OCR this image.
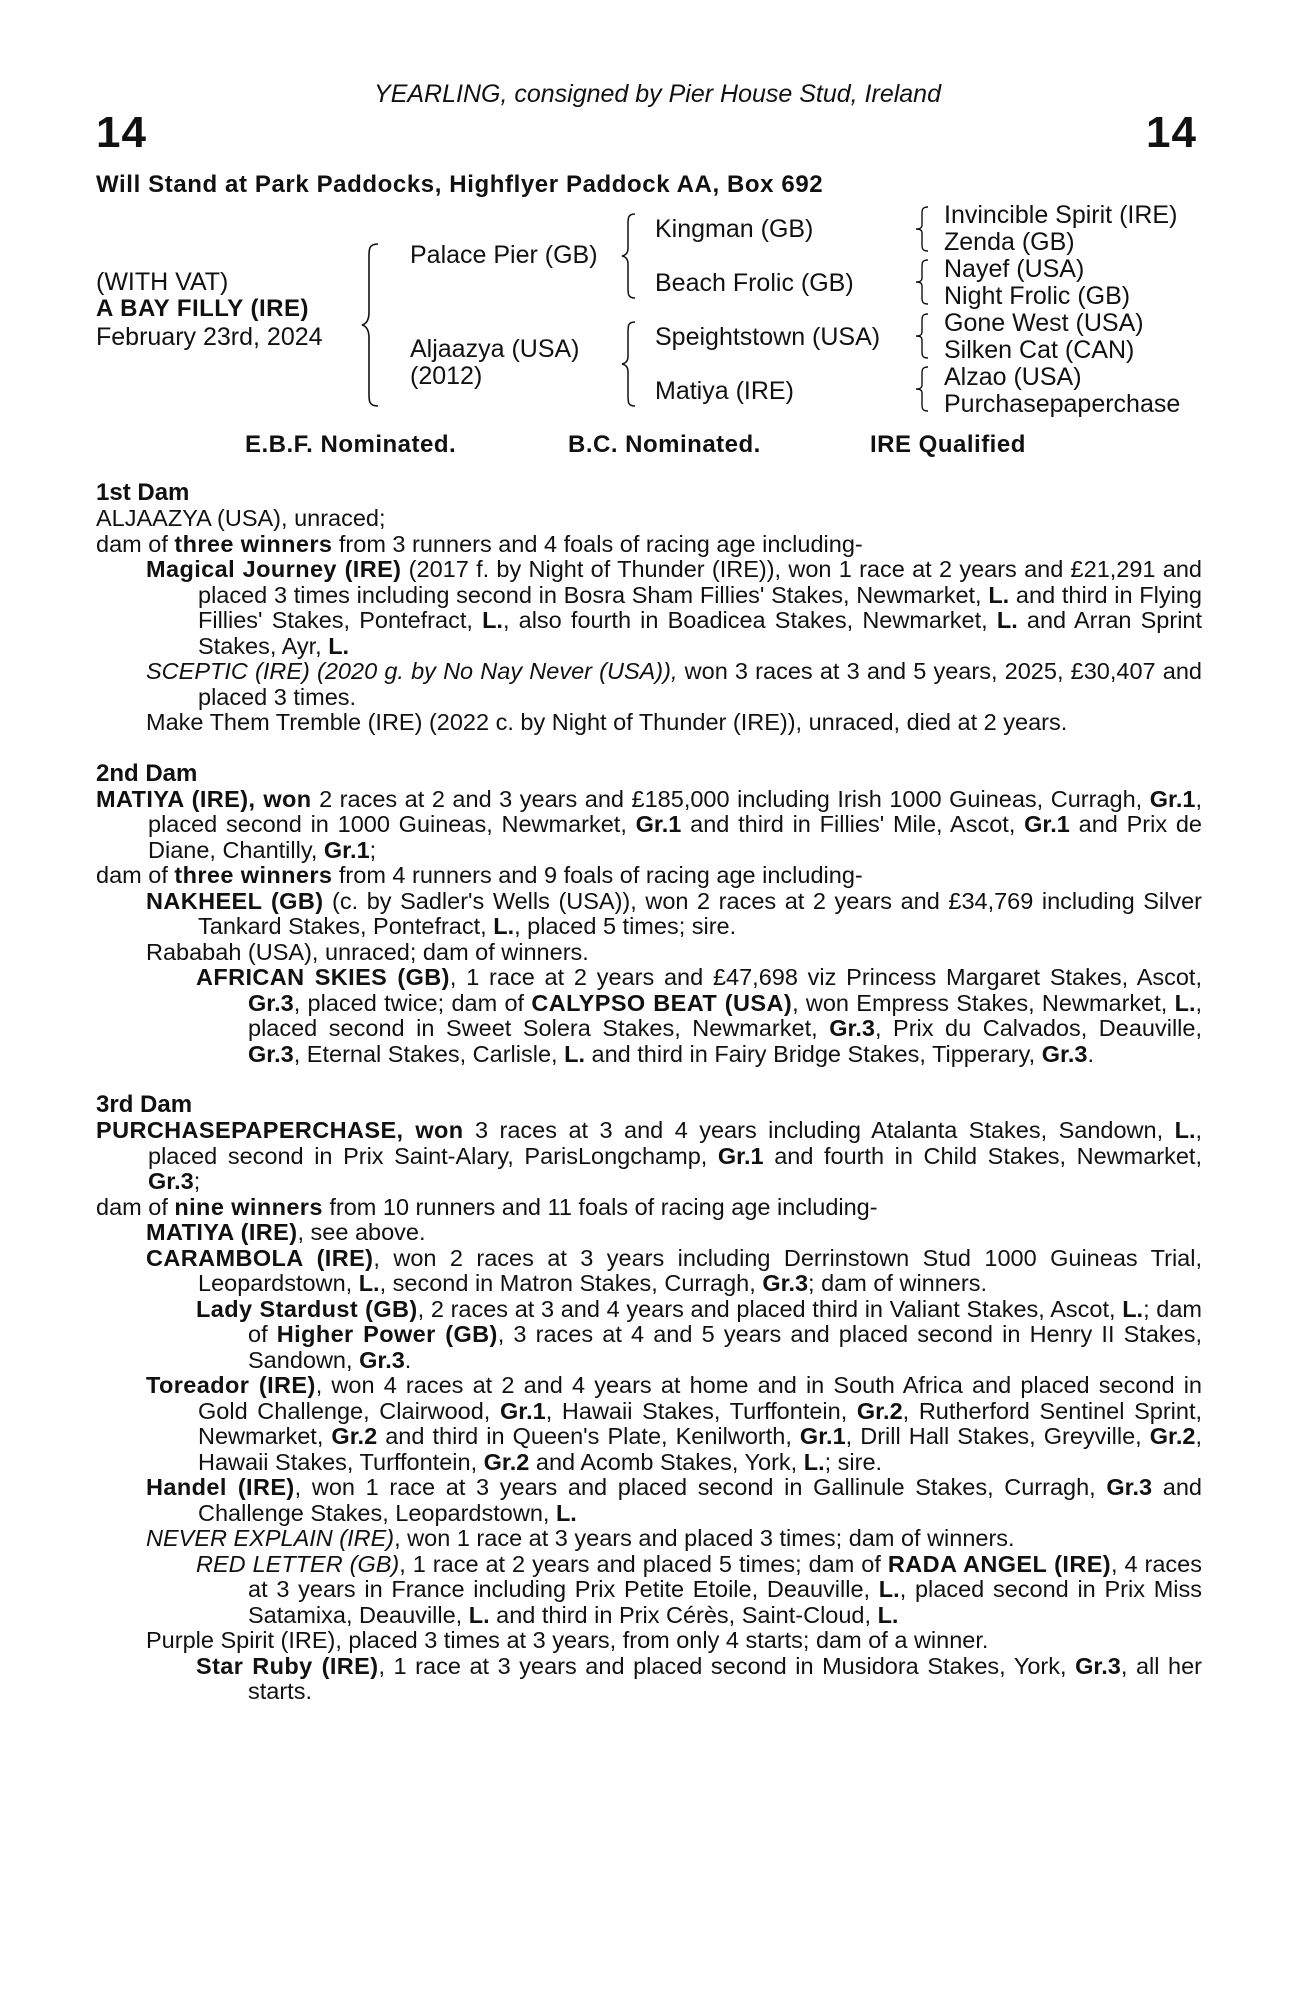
YEARLING, consigned by Pier House Stud, Ireland
14	14
Will Stand at Park Paddocks, Highflyer Paddock AA, Box 692
(WITH VAT)
A BAY FILLY (IRE)
February 23rd, 2024
Palace Pier (GB)
Aljaazya (USA)
(2012)
Kingman (GB)
Beach Frolic (GB)
Speightstown (USA)
Matiya (IRE)
Invincible Spirit (IRE)
Zenda (GB)
Nayef (USA)
Night Frolic (GB)
Gone West (USA)
Silken Cat (CAN)
Alzao (USA)
Purchasepaperchase
E.B.F. Nominated.	B.C. Nominated.	IRE Qualified
1st Dam

ALJAAZYA (USA), unraced;

dam of three winners from 3 runners and 4 foals of racing age including-

Magical Journey (IRE) (2017 f. by Night of Thunder (IRE)), won 1 race at 2 years and £21,291 and placed 3 times including second in Bosra Sham Fillies' Stakes, Newmarket, L. and third in Flying Fillies' Stakes, Pontefract, L., also fourth in Boadicea Stakes, Newmarket, L. and Arran Sprint Stakes, Ayr, L.

SCEPTIC (IRE) (2020 g. by No Nay Never (USA)), won 3 races at 3 and 5 years, 2025, £30,407 and placed 3 times.

Make Them Tremble (IRE) (2022 c. by Night of Thunder (IRE)), unraced, died at 2 years.

2nd Dam

MATIYA (IRE), won 2 races at 2 and 3 years and £185,000 including Irish 1000 Guineas, Curragh, Gr.1, placed second in 1000 Guineas, Newmarket, Gr.1 and third in Fillies' Mile, Ascot, Gr.1 and Prix de Diane, Chantilly, Gr.1;

dam of three winners from 4 runners and 9 foals of racing age including-

NAKHEEL (GB) (c. by Sadler's Wells (USA)), won 2 races at 2 years and £34,769 including Silver Tankard Stakes, Pontefract, L., placed 5 times; sire.

Rababah (USA), unraced; dam of winners.

AFRICAN SKIES (GB), 1 race at 2 years and £47,698 viz Princess Margaret Stakes, Ascot, Gr.3, placed twice; dam of CALYPSO BEAT (USA), won Empress Stakes, Newmarket, L., placed second in Sweet Solera Stakes, Newmarket, Gr.3, Prix du Calvados, Deauville, Gr.3, Eternal Stakes, Carlisle, L. and third in Fairy Bridge Stakes, Tipperary, Gr.3.

3rd Dam

PURCHASEPAPERCHASE, won 3 races at 3 and 4 years including Atalanta Stakes, Sandown, L., placed second in Prix Saint-Alary, ParisLongchamp, Gr.1 and fourth in Child Stakes, Newmarket, Gr.3;

dam of nine winners from 10 runners and 11 foals of racing age including-

MATIYA (IRE), see above.

CARAMBOLA (IRE), won 2 races at 3 years including Derrinstown Stud 1000 Guineas Trial, Leopardstown, L., second in Matron Stakes, Curragh, Gr.3; dam of winners.

Lady Stardust (GB), 2 races at 3 and 4 years and placed third in Valiant Stakes, Ascot, L.; dam of Higher Power (GB), 3 races at 4 and 5 years and placed second in Henry II Stakes, Sandown, Gr.3.

Toreador (IRE), won 4 races at 2 and 4 years at home and in South Africa and placed second in Gold Challenge, Clairwood, Gr.1, Hawaii Stakes, Turffontein, Gr.2, Rutherford Sentinel Sprint, Newmarket, Gr.2 and third in Queen's Plate, Kenilworth, Gr.1, Drill Hall Stakes, Greyville, Gr.2, Hawaii Stakes, Turffontein, Gr.2 and Acomb Stakes, York, L.; sire.

Handel (IRE), won 1 race at 3 years and placed second in Gallinule Stakes, Curragh, Gr.3 and Challenge Stakes, Leopardstown, L.

NEVER EXPLAIN (IRE), won 1 race at 3 years and placed 3 times; dam of winners.

RED LETTER (GB), 1 race at 2 years and placed 5 times; dam of RADA ANGEL (IRE), 4 races at 3 years in France including Prix Petite Etoile, Deauville, L., placed second in Prix Miss Satamixa, Deauville, L. and third in Prix Cérès, Saint-Cloud, L.

Purple Spirit (IRE), placed 3 times at 3 years, from only 4 starts; dam of a winner.

Star Ruby (IRE), 1 race at 3 years and placed second in Musidora Stakes, York, Gr.3, all her starts.
